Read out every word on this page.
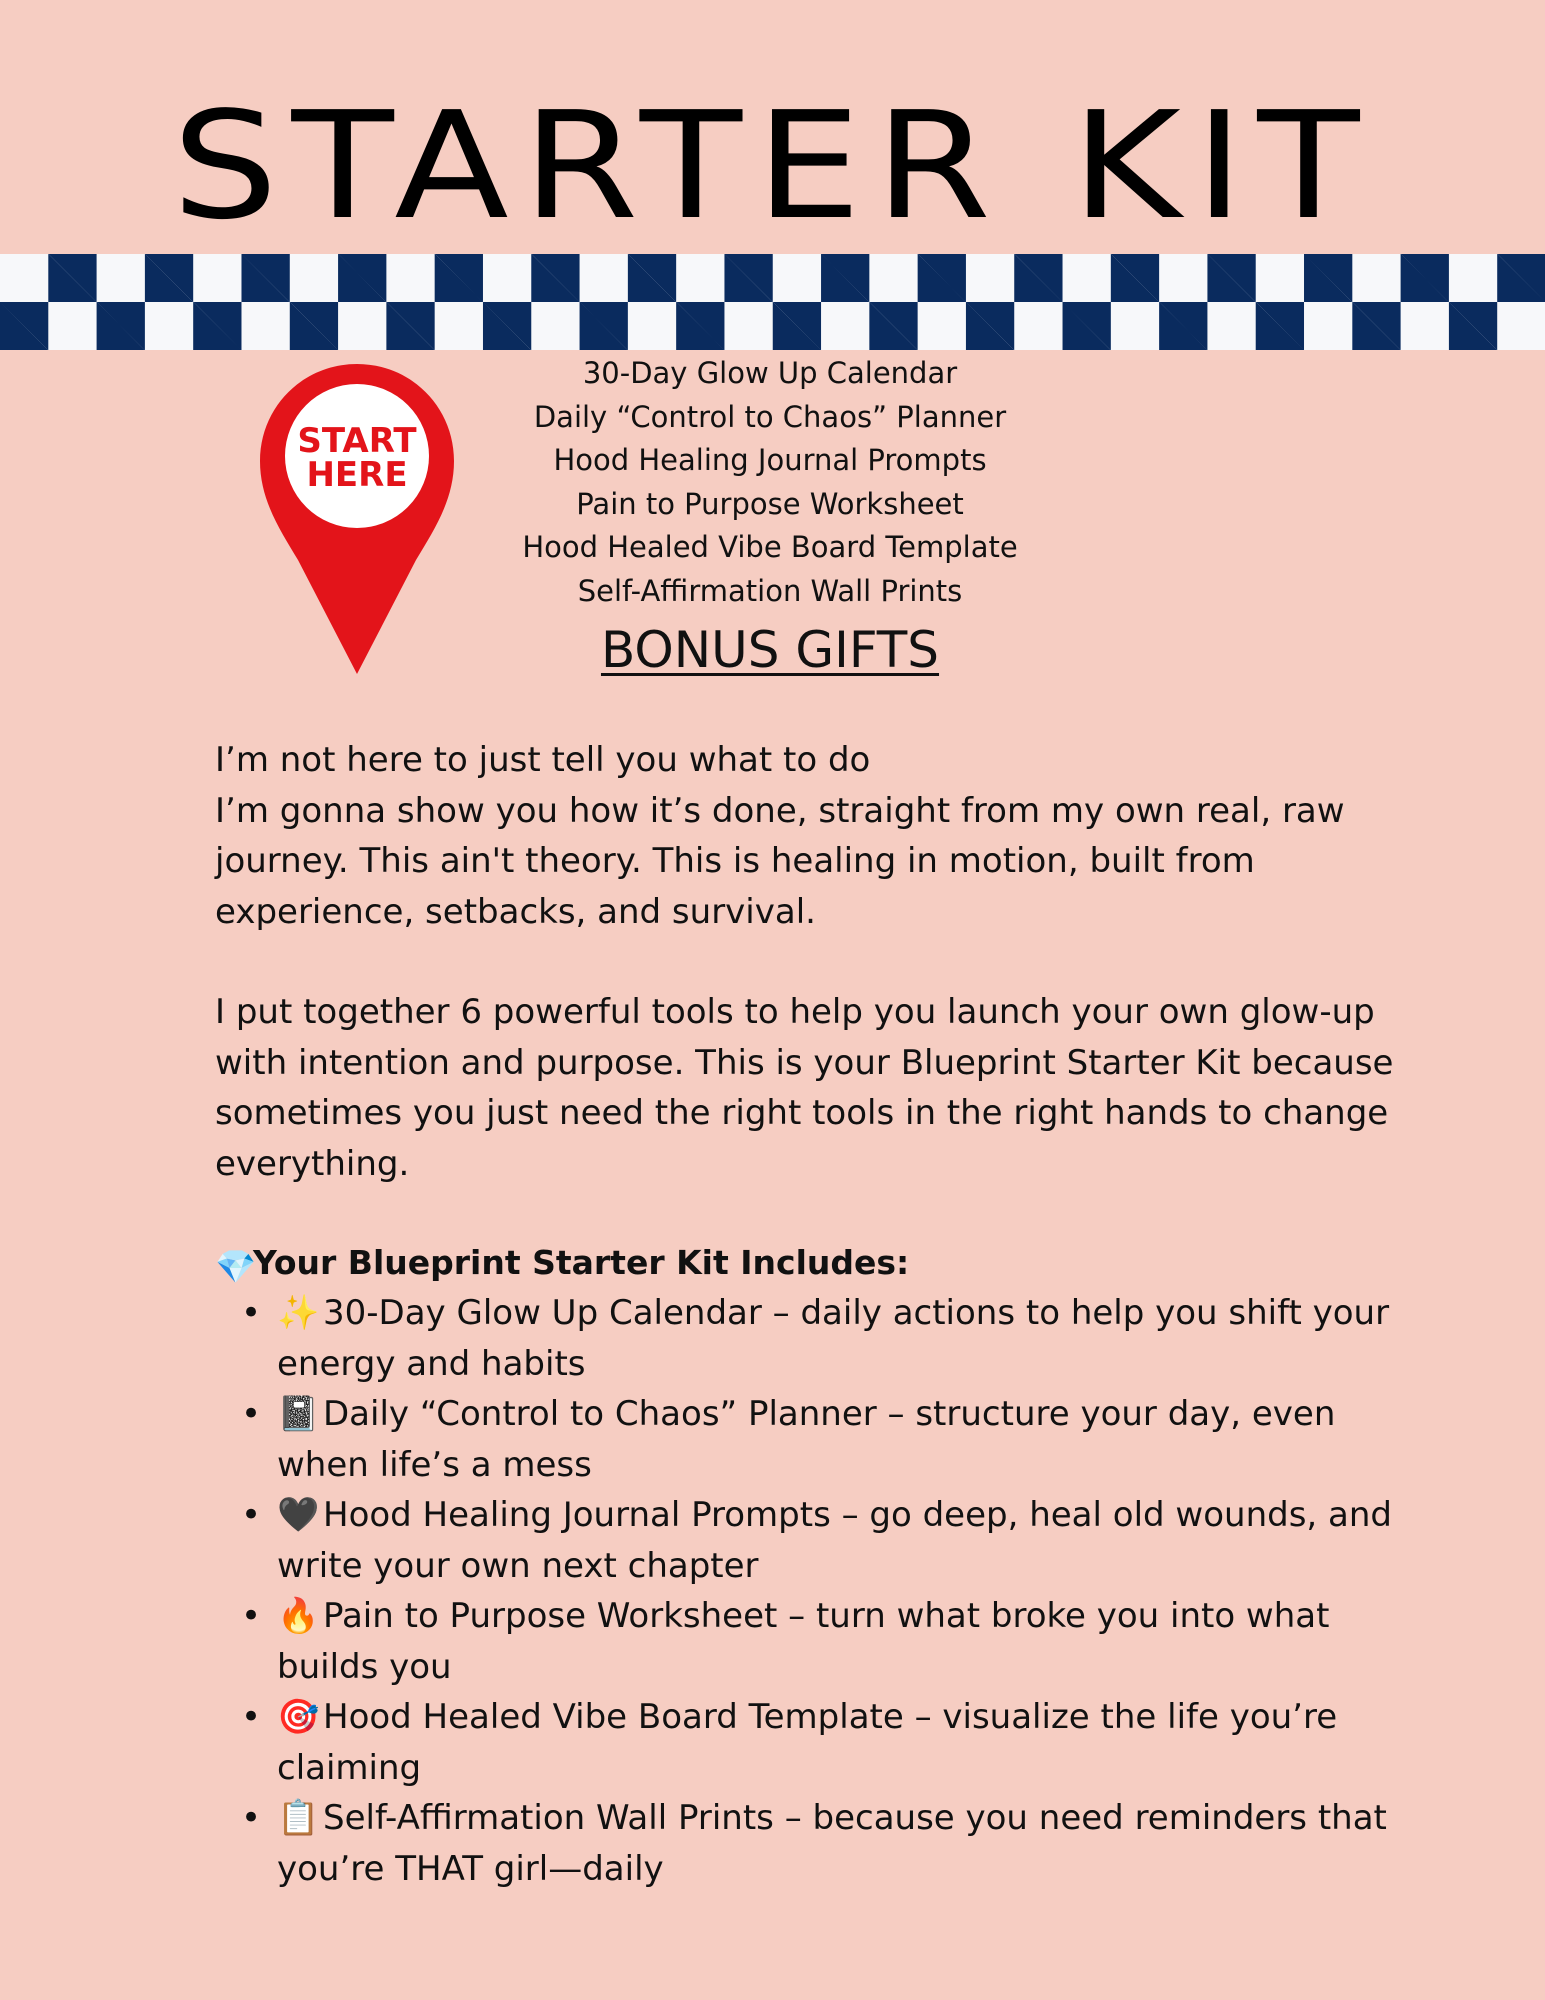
STARTER KIT
START
HERE
30-Day Glow Up Calendar
Daily “Control to Chaos” Planner
Hood Healing Journal Prompts
Pain to Purpose Worksheet
Hood Healed Vibe Board Template
Self-Affirmation Wall Prints
BONUS GIFTS
I’m not here to just tell you what to do
I’m gonna show you how it’s done, straight from my own real, raw journey. This ain't theory. This is healing in motion, built from experience, setbacks, and survival.

I put together 6 powerful tools to help you launch your own glow-up with intention and purpose. This is your Blueprint Starter Kit because sometimes you just need the right tools in the right hands to change everything.

💎Your Blueprint Starter Kit Includes:
• ✨ 30-Day Glow Up Calendar – daily actions to help you shift your energy and habits
• 📓 Daily “Control to Chaos” Planner – structure your day, even when life’s a mess
• 🖤 Hood Healing Journal Prompts – go deep, heal old wounds, and write your own next chapter
• 🔥 Pain to Purpose Worksheet – turn what broke you into what builds you
• 🎯 Hood Healed Vibe Board Template – visualize the life you’re claiming
• 📋 Self-Affirmation Wall Prints – because you need reminders that you’re THAT girl—daily
